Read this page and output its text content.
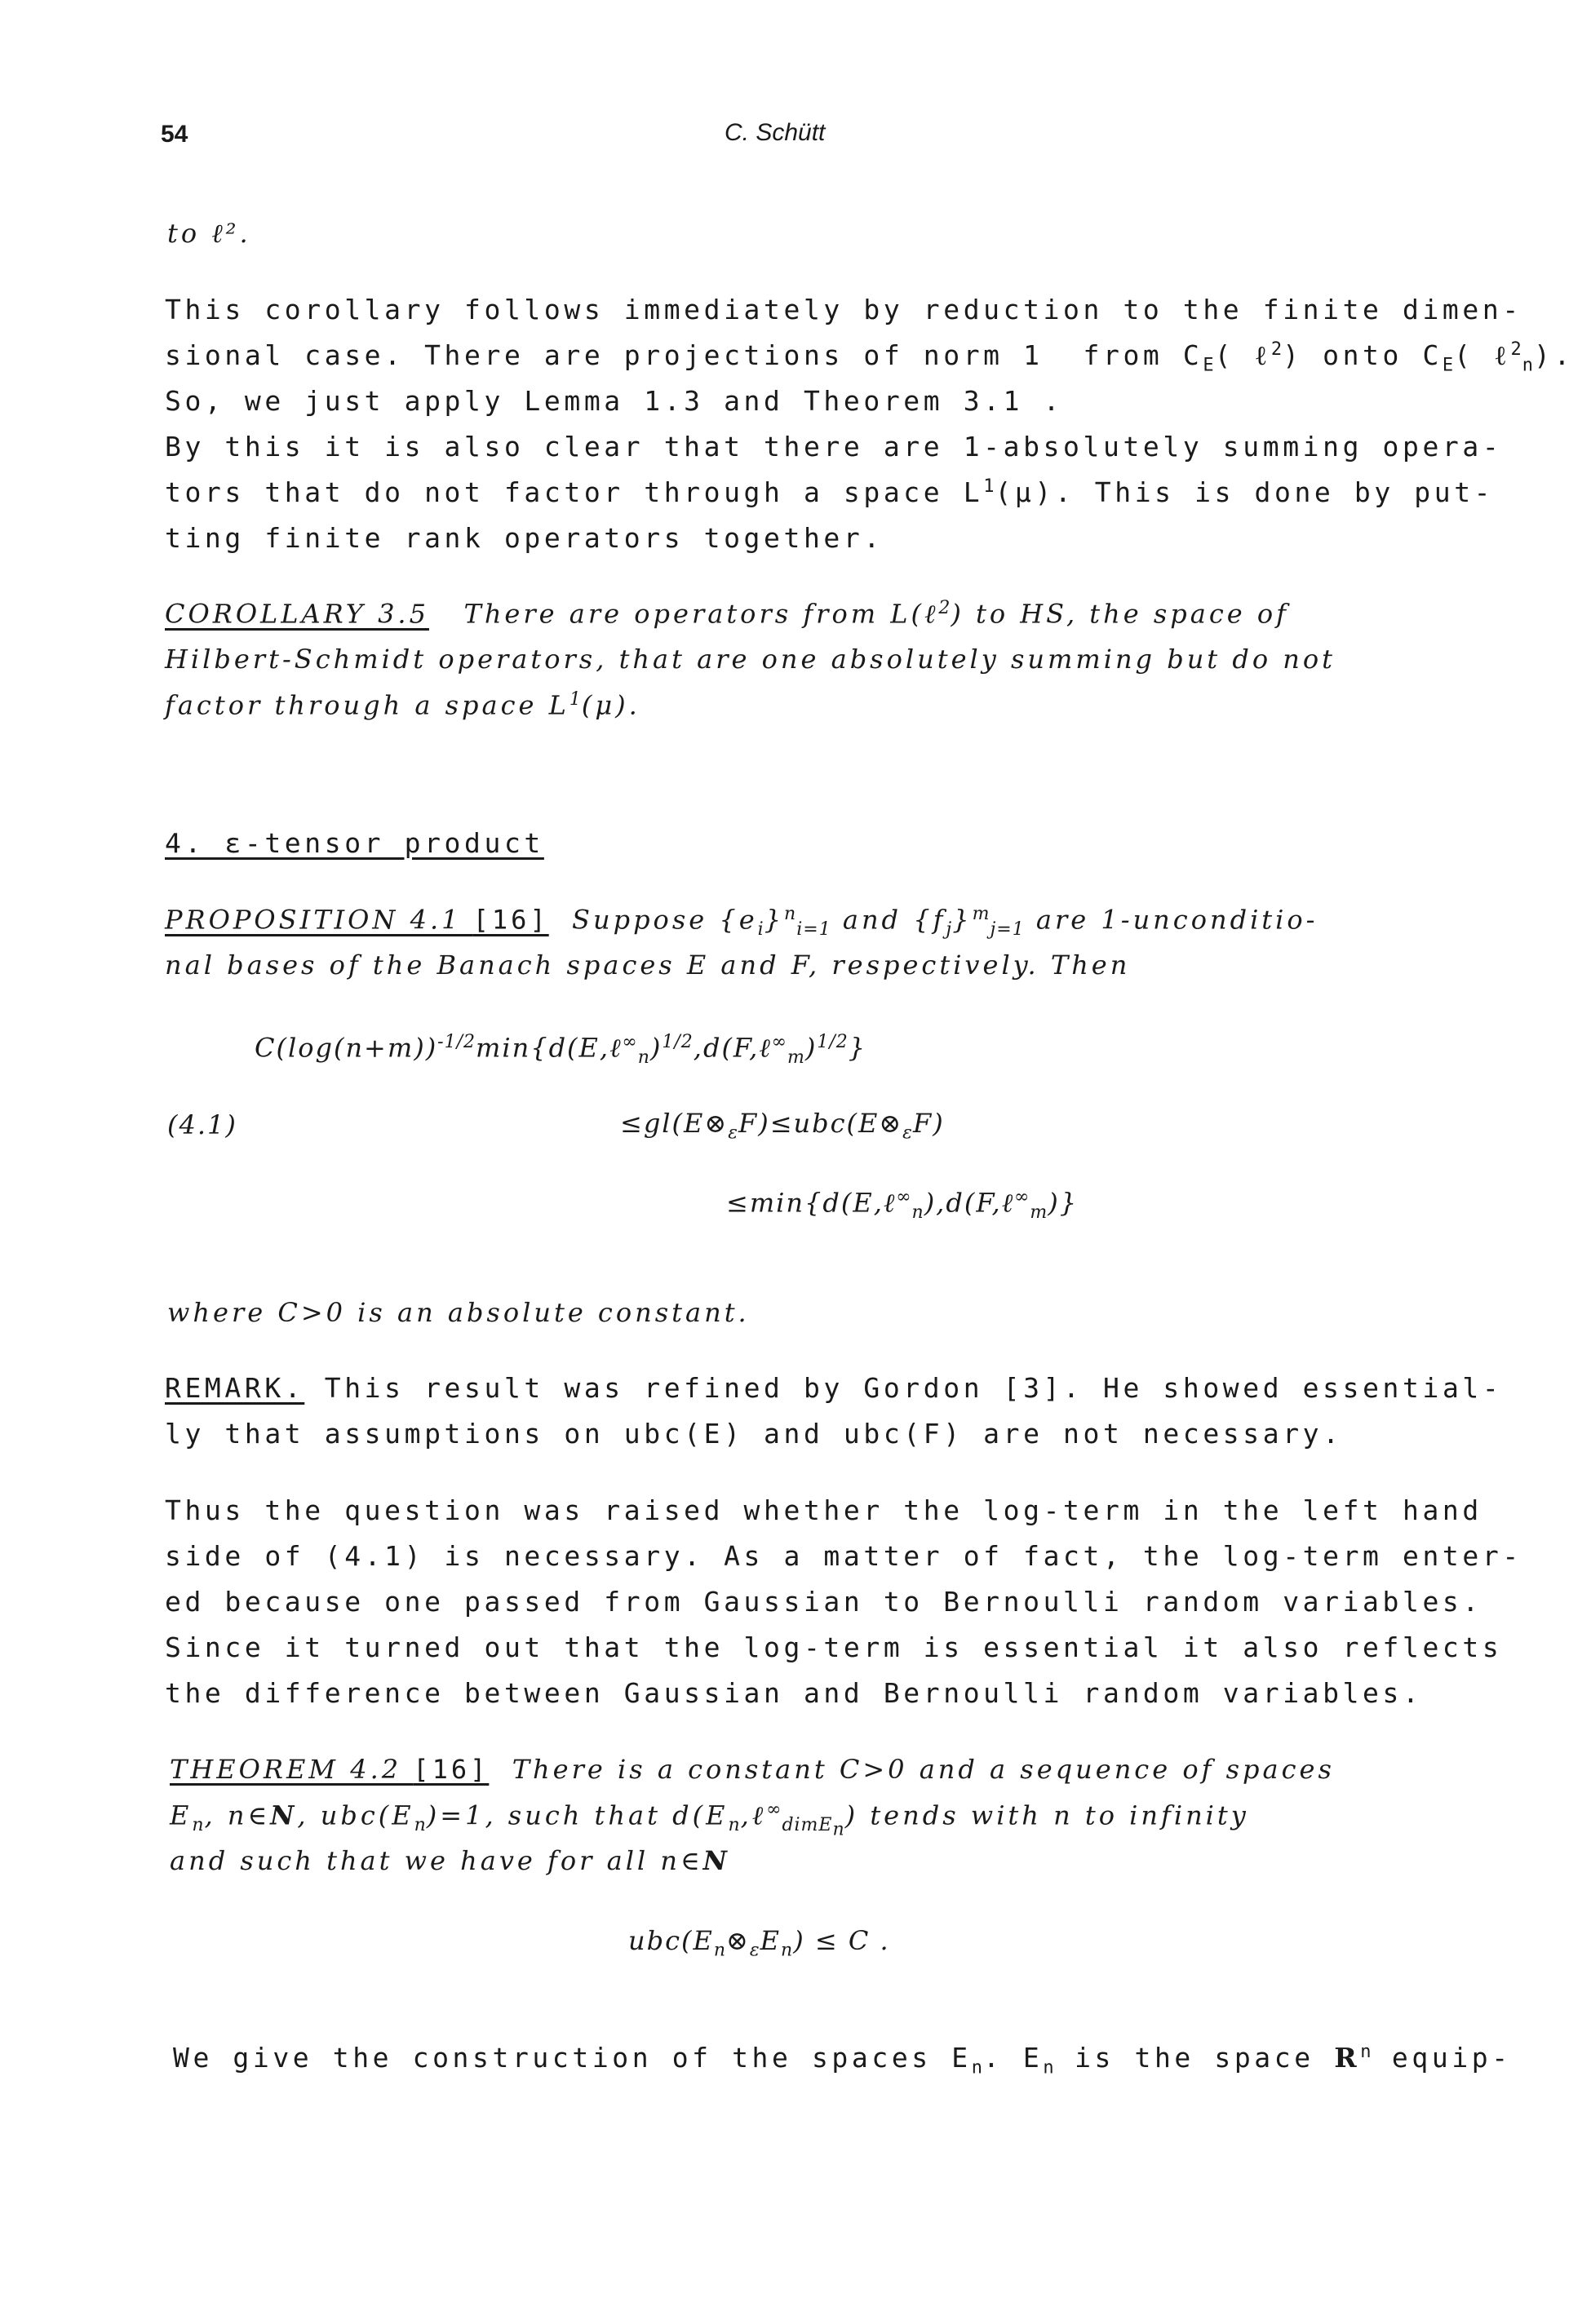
54	C. Schütt
to ℓ².
This corollary follows immediately by reduction to the finite dimen-
sional case. There are projections of norm 1  from $C_E$( ℓ$^2$) onto $C_E$( ℓ$^2_n$).
So, we just apply Lemma 1.3 and Theorem 3.1 .
By this it is also clear that there are 1-absolutely summing opera-
tors that do not factor through a space $L^1(\mu)$. This is done by put-
ting finite rank operators together.
COROLLARY 3.5   There are operators from L(ℓ$^2$) to HS, the space of
Hilbert-Schmidt operators, that are one absolutely summing but do not
factor through a space $L^1(\mu)$.
4. ε-tensor product
PROPOSITION 4.1 [16]  Suppose $\{e_i\}^n_{i=1}$ and $\{f_j\}^m_{j=1}$ are 1-unconditio-
nal bases of the Banach spaces E and F, respectively. Then
$C(\log(n+m))^{-1/2}\min\{d(E,\ell^\infty_n)^{1/2},d(F,\ell^\infty_m)^{1/2}\}$
(4.1)	$\le gl(E\otimes_\varepsilon F)\le ubc(E\otimes_\varepsilon F)$
≤min{d(E,ℓ∞$_n$),d(F,ℓ∞$_m$)}
where C>0 is an absolute constant.
REMARK. This result was refined by Gordon [3]. He showed essential-
ly that assumptions on ubc(E) and ubc(F) are not necessary.
Thus the question was raised whether the log-term in the left hand
side of (4.1) is necessary. As a matter of fact, the log-term enter-
ed because one passed from Gaussian to Bernoulli random variables.
Since it turned out that the log-term is essential it also reflects
the difference between Gaussian and Bernoulli random variables.
THEOREM 4.2 [16]  There is a constant C>0 and a sequence of spaces
$E_n$, n∈N, $ubc(E_n)=1$, such that $d(E_n,\ell^\infty_{dimE_n})$ tends with n to infinity
and such that we have for all n∈N
$ubc(E_n\otimes_\varepsilon E_n) \le C$ .
We give the construction of the spaces $E_n$. $E_n$ is the space $R^n$ equip-
